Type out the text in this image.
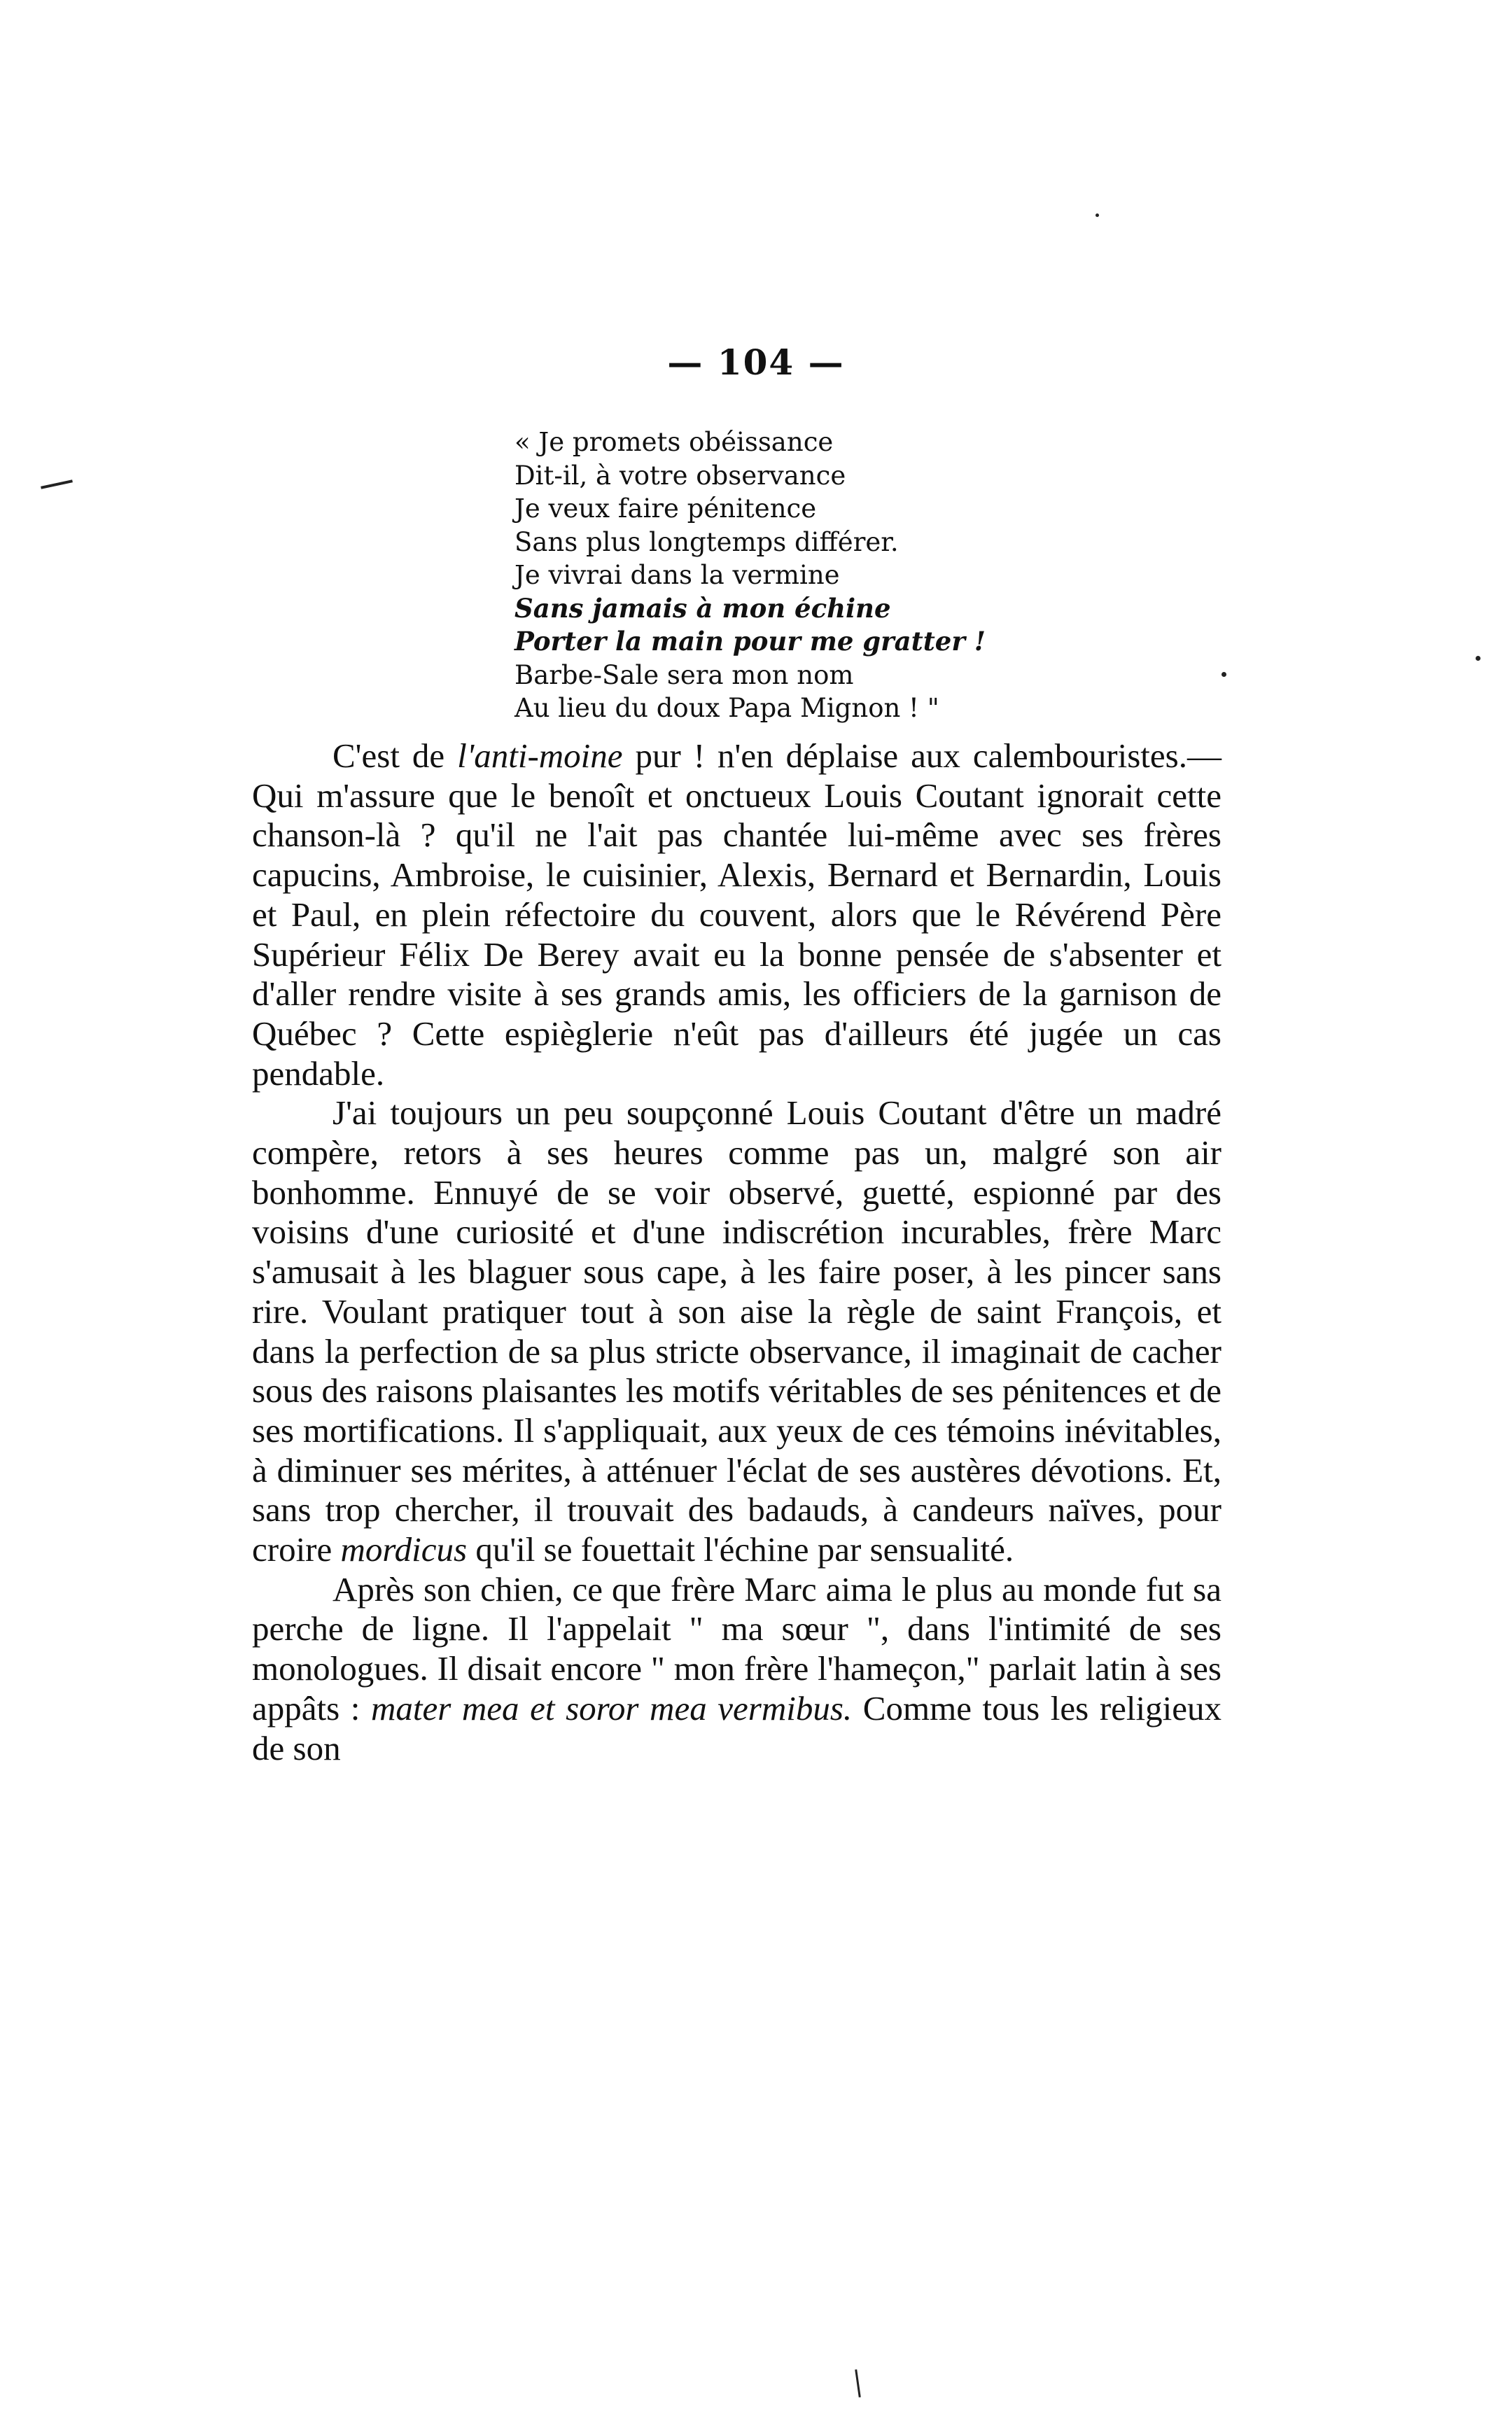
— 104 —
« Je promets obéissance
Dit-il, à votre observance
Je veux faire pénitence
Sans plus longtemps différer.
Je vivrai dans la vermine
Sans jamais à mon échine
Porter la main pour me gratter !
Barbe-Sale sera mon nom
Au lieu du doux Papa Mignon ! "

C'est de l'anti-moine pur ! n'en déplaise aux calembouristes.—Qui m'assure que le benoît et onctueux Louis Coutant ignorait cette chanson-là ? qu'il ne l'ait pas chantée lui-même avec ses frères capucins, Ambroise, le cuisinier, Alexis, Bernard et Bernardin, Louis et Paul, en plein réfectoire du couvent, alors que le Révérend Père Supérieur Félix De Berey avait eu la bonne pensée de s'absenter et d'aller rendre visite à ses grands amis, les officiers de la garnison de Québec ? Cette espièglerie n'eût pas d'ailleurs été jugée un cas pendable.

J'ai toujours un peu soupçonné Louis Coutant d'être un madré compère, retors à ses heures comme pas un, malgré son air bonhomme. Ennuyé de se voir observé, guetté, espionné par des voisins d'une curiosité et d'une indiscrétion incurables, frère Marc s'amusait à les blaguer sous cape, à les faire poser, à les pincer sans rire. Voulant pratiquer tout à son aise la règle de saint François, et dans la perfection de sa plus stricte observance, il imaginait de cacher sous des raisons plaisantes les motifs véritables de ses pénitences et de ses mortifications. Il s'appliquait, aux yeux de ces témoins inévitables, à diminuer ses mérites, à atténuer l'éclat de ses austères dévotions. Et, sans trop chercher, il trouvait des badauds, à candeurs naïves, pour croire mordicus qu'il se fouettait l'échine par sensualité.

Après son chien, ce que frère Marc aima le plus au monde fut sa perche de ligne. Il l'appelait " ma sœur ", dans l'intimité de ses monologues. Il disait encore " mon frère l'hameçon," parlait latin à ses appâts : mater mea et soror mea vermibus. Comme tous les religieux de son
